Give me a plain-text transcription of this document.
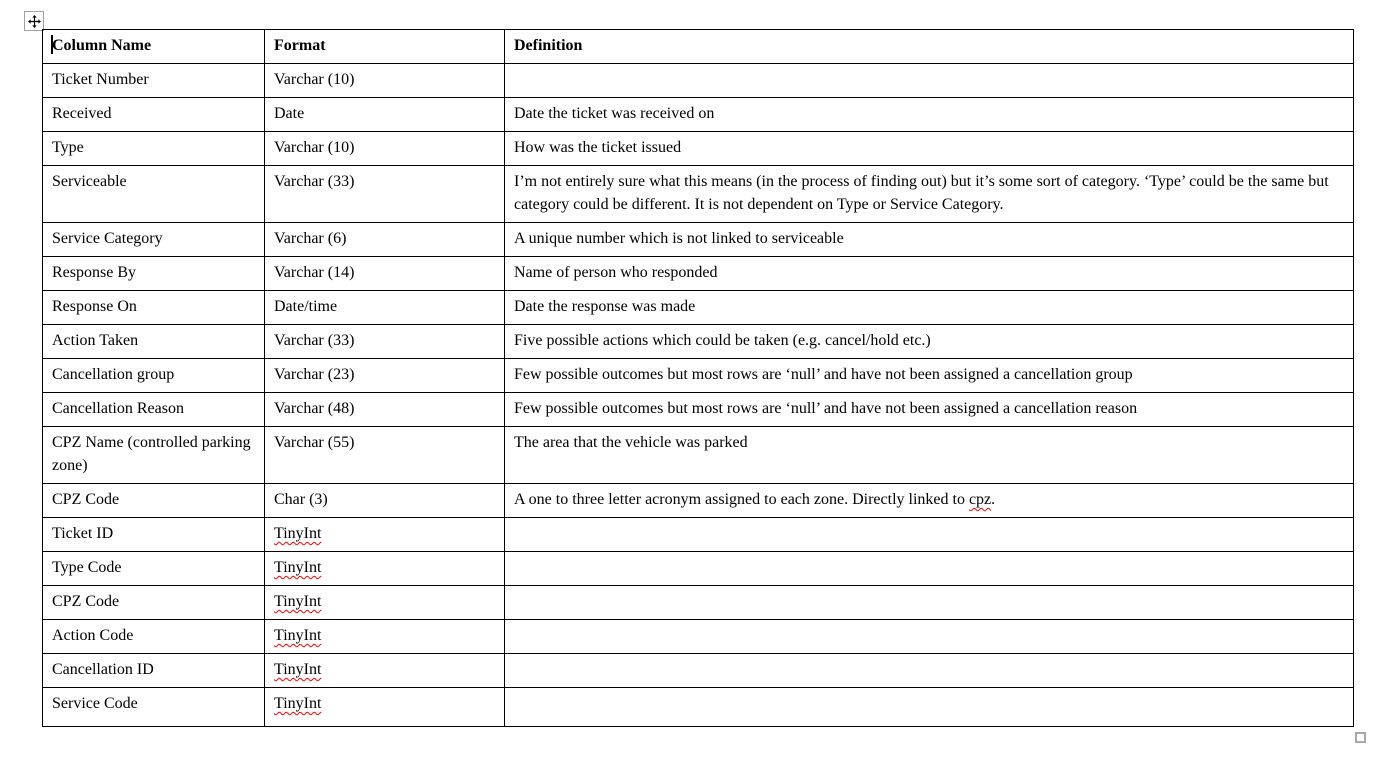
Column Name	Format	Definition
Ticket Number	Varchar (10)	
Received	Date	Date the ticket was received on
Type	Varchar (10)	How was the ticket issued
Serviceable	Varchar (33)	I’m not entirely sure what this means (in the process of finding out) but it’s some sort of category. ‘Type’ could be the same but category could be different. It is not dependent on Type or Service Category.
Service Category	Varchar (6)	A unique number which is not linked to serviceable
Response By	Varchar (14)	Name of person who responded
Response On	Date/time	Date the response was made
Action Taken	Varchar (33)	Five possible actions which could be taken (e.g. cancel/hold etc.)
Cancellation group	Varchar (23)	Few possible outcomes but most rows are ‘null’ and have not been assigned a cancellation group
Cancellation Reason	Varchar (48)	Few possible outcomes but most rows are ‘null’ and have not been assigned a cancellation reason
CPZ Name (controlled parking zone)	Varchar (55)	The area that the vehicle was parked
CPZ Code	Char (3)	A one to three letter acronym assigned to each zone. Directly linked to cpz.
Ticket ID	TinyInt	
Type Code	TinyInt	
CPZ Code	TinyInt	
Action Code	TinyInt	
Cancellation ID	TinyInt	
Service Code	TinyInt	
